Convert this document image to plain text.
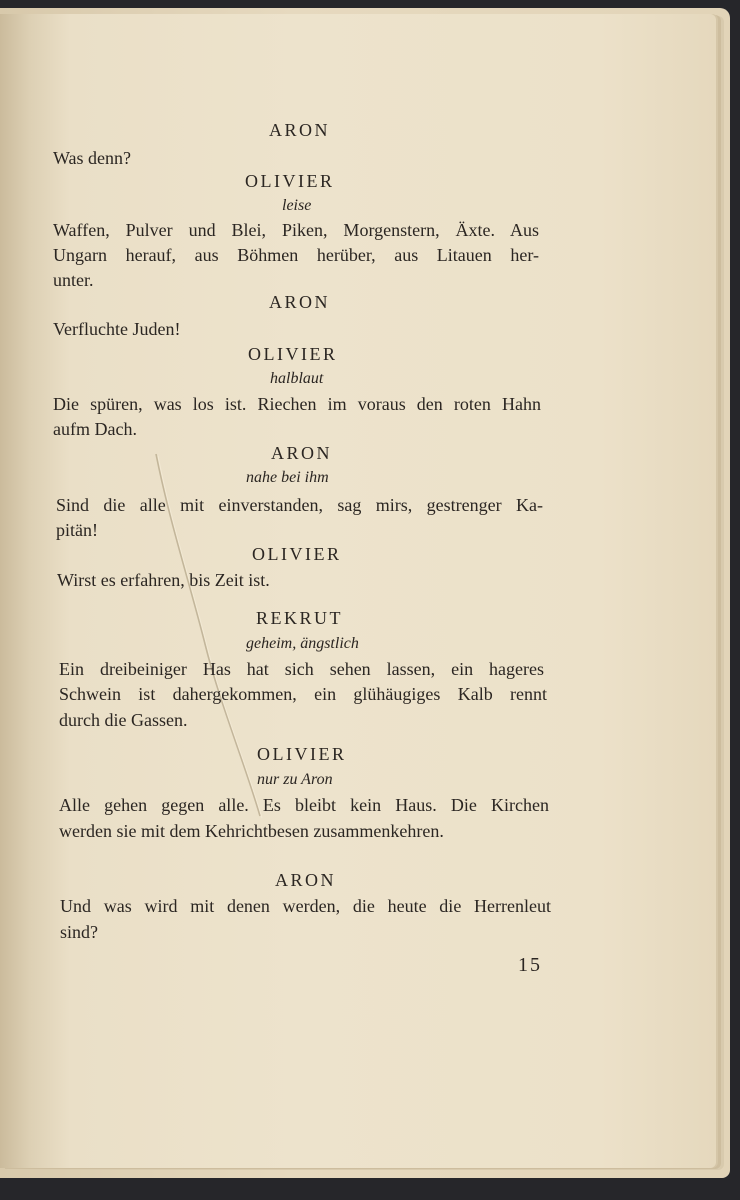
ARON
Was denn?
OLIVIER
leise
Waffen, Pulver und Blei, Piken, Morgenstern, Äxte. Aus
Ungarn herauf, aus Böhmen herüber, aus Litauen her-
unter.
ARON
Verfluchte Juden!
OLIVIER
halblaut
Die spüren, was los ist. Riechen im voraus den roten Hahn
aufm Dach.
ARON
nahe bei ihm
Sind die alle mit einverstanden, sag mirs, gestrenger Ka-
pitän!
OLIVIER
Wirst es erfahren, bis Zeit ist.
REKRUT
geheim, ängstlich
Ein dreibeiniger Has hat sich sehen lassen, ein hageres
Schwein ist dahergekommen, ein glühäugiges Kalb rennt
durch die Gassen.
OLIVIER
nur zu Aron
Alle gehen gegen alle. Es bleibt kein Haus. Die Kirchen
werden sie mit dem Kehrichtbesen zusammenkehren.
ARON
Und was wird mit denen werden, die heute die Herrenleut
sind?
15
